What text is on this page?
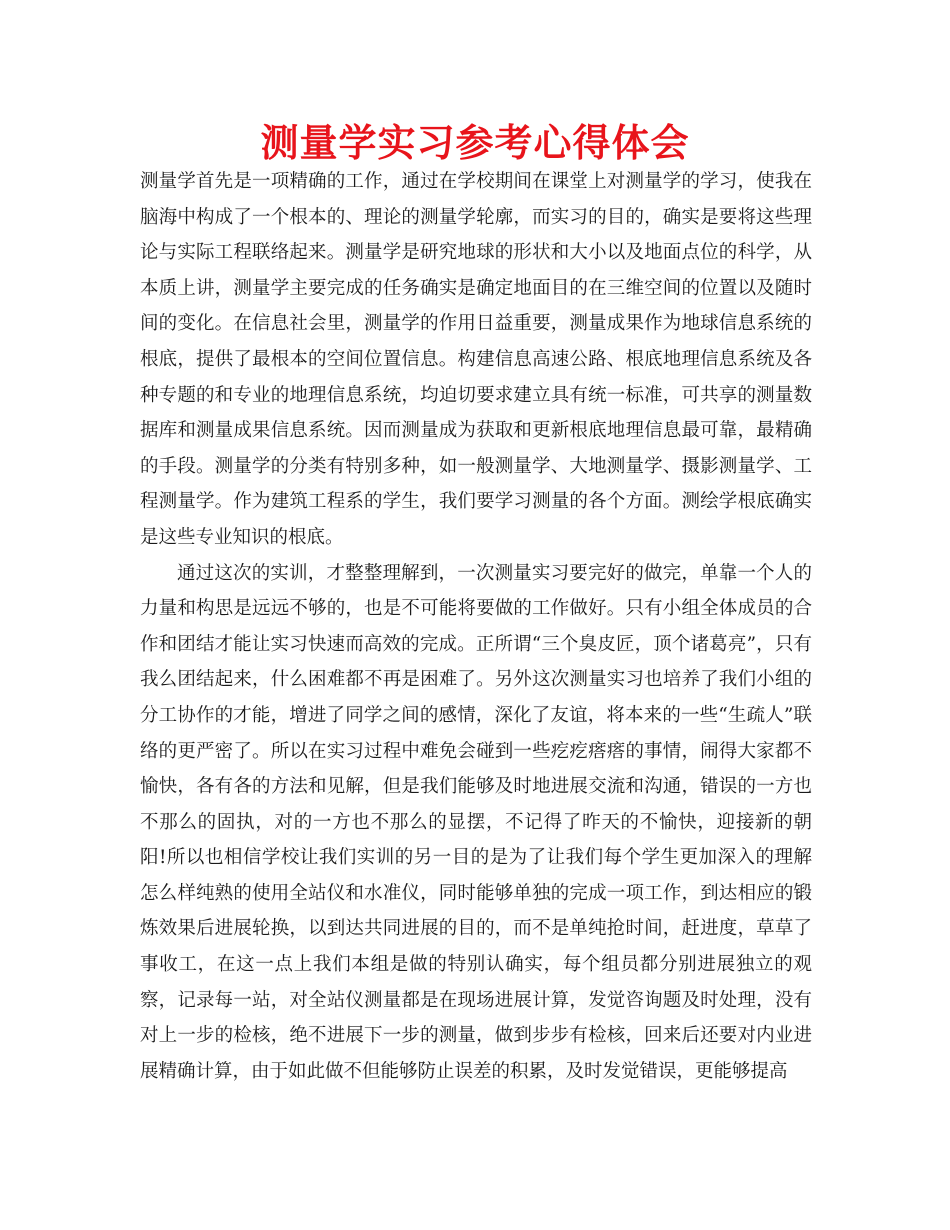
测量学实习参考心得体会

测量学首先是一项精确的工作，通过在学校期间在课堂上对测量学的学习，使我在脑海中构成了一个根本的、理论的测量学轮廓，而实习的目的，确实是要将这些理论与实际工程联络起来。测量学是研究地球的形状和大小以及地面点位的科学，从本质上讲，测量学主要完成的任务确实是确定地面目的在三维空间的位置以及随时间的变化。在信息社会里，测量学的作用日益重要，测量成果作为地球信息系统的根底，提供了最根本的空间位置信息。构建信息高速公路、根底地理信息系统及各种专题的和专业的地理信息系统，均迫切要求建立具有统一标准，可共享的测量数据库和测量成果信息系统。因而测量成为获取和更新根底地理信息最可靠，最精确的手段。测量学的分类有特别多种，如一般测量学、大地测量学、摄影测量学、工程测量学。作为建筑工程系的学生，我们要学习测量的各个方面。测绘学根底确实是这些专业知识的根底。

通过这次的实训，才整整理解到，一次测量实习要完好的做完，单靠一个人的力量和构思是远远不够的，也是不可能将要做的工作做好。只有小组全体成员的合作和团结才能让实习快速而高效的完成。正所谓“三个臭皮匠，顶个诸葛亮”，只有我么团结起来，什么困难都不再是困难了。另外这次测量实习也培养了我们小组的分工协作的才能，增进了同学之间的感情，深化了友谊，将本来的一些“生疏人”联络的更严密了。所以在实习过程中难免会碰到一些疙疙瘩瘩的事情，闹得大家都不愉快，各有各的方法和见解，但是我们能够及时地进展交流和沟通，错误的一方也不那么的固执，对的一方也不那么的显摆，不记得了昨天的不愉快，迎接新的朝阳!所以也相信学校让我们实训的另一目的是为了让我们每个学生更加深入的理解怎么样纯熟的使用全站仪和水准仪，同时能够单独的完成一项工作，到达相应的锻炼效果后进展轮换，以到达共同进展的目的，而不是单纯抢时间，赶进度，草草了事收工，在这一点上我们本组是做的特别认确实，每个组员都分别进展独立的观察，记录每一站，对全站仪测量都是在现场进展计算，发觉咨询题及时处理，没有对上一步的检核，绝不进展下一步的测量，做到步步有检核，回来后还要对内业进展精确计算，由于如此做不但能够防止误差的积累，及时发觉错误，更能够提高
